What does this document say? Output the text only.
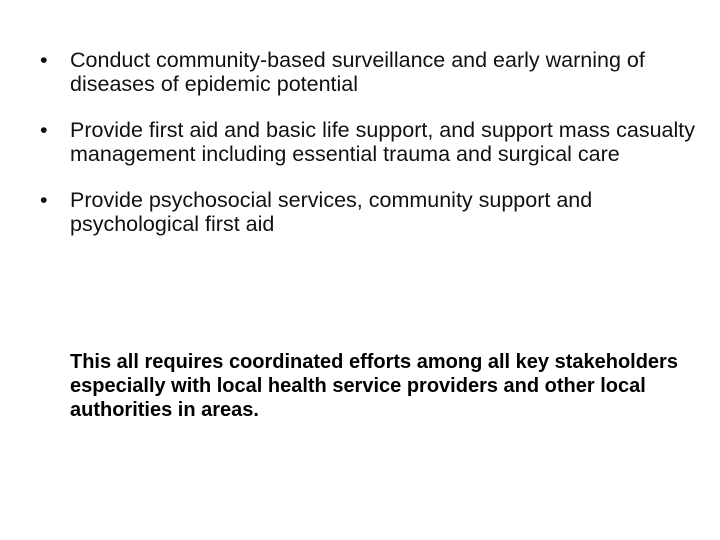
• Conduct community-based surveillance and early warning of diseases of epidemic potential
• Provide first aid and basic life support, and support mass casualty management including essential trauma and surgical care
• Provide psychosocial services, community support and psychological first aid

This all requires coordinated efforts among all key stakeholders especially with local health service providers and other local authorities in areas.
